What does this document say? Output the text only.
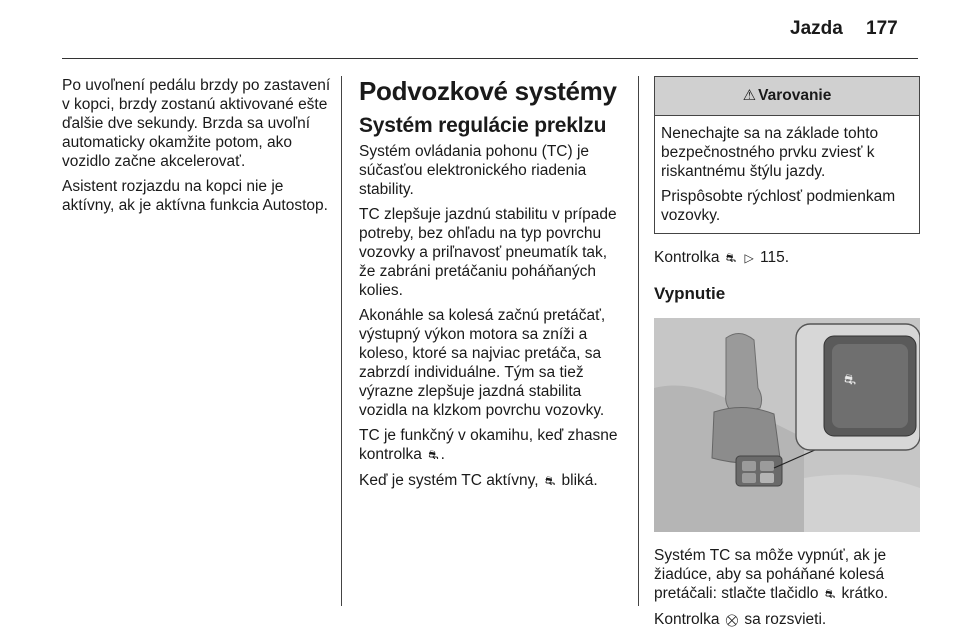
Jazda 177

Po uvoľnení pedálu brzdy po zastavení v kopci, brzdy zostanú aktivované ešte ďalšie dve sekundy. Brzda sa uvoľní automaticky okamžite potom, ako vozidlo začne akcelerovať.

Asistent rozjazdu na kopci nie je aktívny, ak je aktívna funkcia Autostop.

Podvozkové systémy
Systém regulácie preklzu

Systém ovládania pohonu (TC) je súčasťou elektronického riadenia stability.

TC zlepšuje jazdnú stabilitu v prípade potreby, bez ohľadu na typ povrchu vozovky a priľnavosť pneumatík tak, že zabráni pretáčaniu poháňaných kolies.

Akonáhle sa kolesá začnú pretáčať, výstupný výkon motora sa zníži a koleso, ktoré sa najviac pretáča, sa zabrzdí individuálne. Tým sa tiež výrazne zlepšuje jazdná stabilita vozidla na klzkom povrchu vozovky.

TC je funkčný v okamihu, keď zhasne kontrolka ⛐ .

Keď je systém TC aktívny, ⛐ bliká.

⚠ Varovanie

Nenechajte sa na základe tohto bezpečnostného prvku zviesť k riskantnému štýlu jazdy.

Prispôsobte rýchlosť podmienkam vozovky.

Kontrolka ⛐ ▷ 115.

Vypnutie
⛐

Systém TC sa môže vypnúť, ak je žiadúce, aby sa poháňané kolesá pretáčali: stlačte tlačidlo ⛐ krátko.

Kontrolka ⛒ sa rozsvieti.
